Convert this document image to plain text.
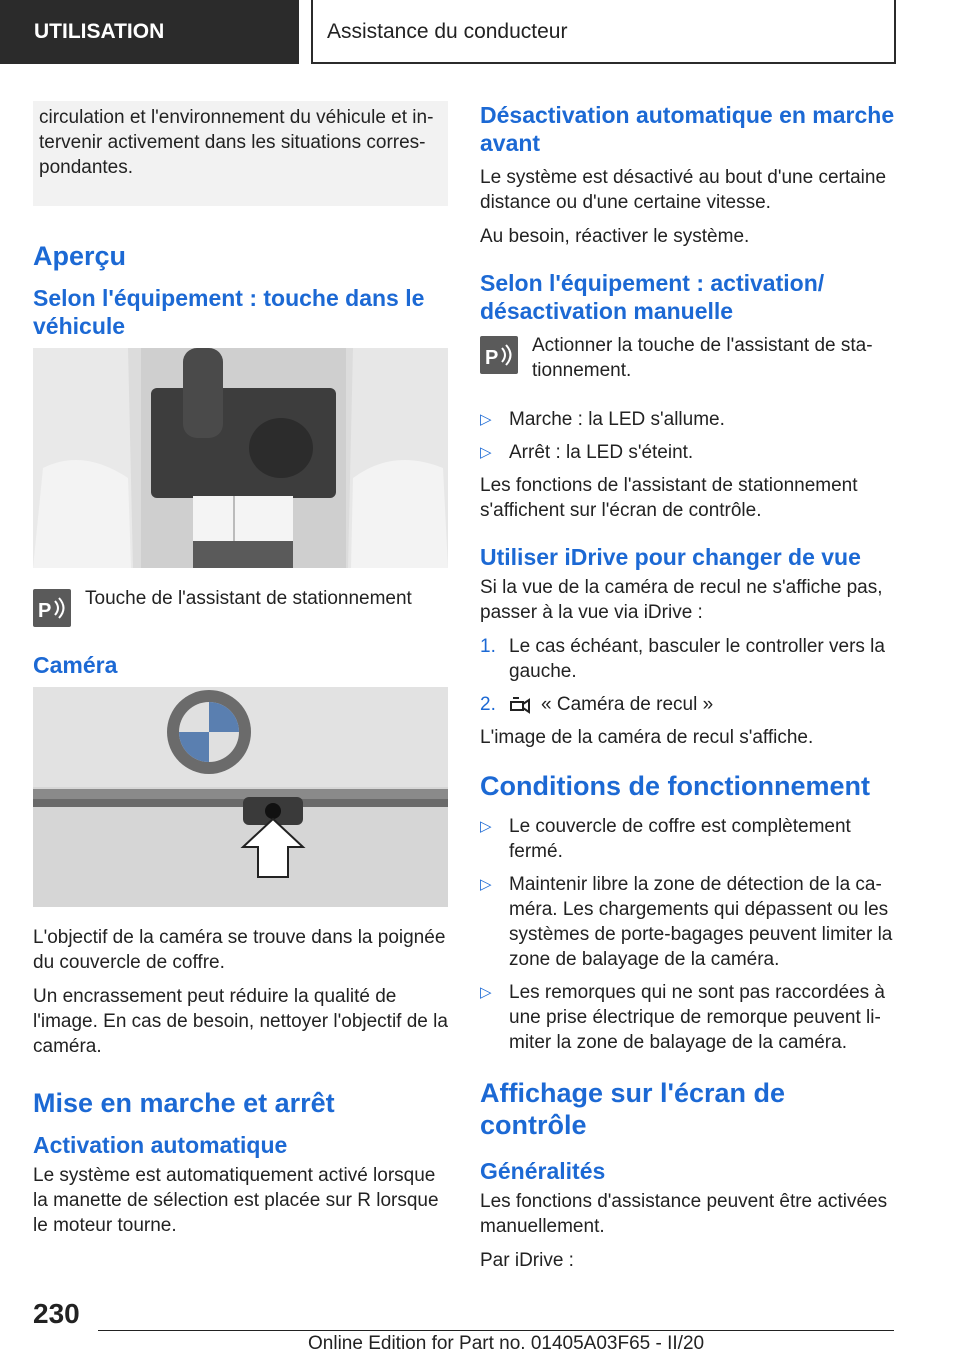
UTILISATION	Assistance du conducteur
circulation et l'environnement du véhicule et in-tervenir activement dans les situations corres-pondantes.
Aperçu
Selon l'équipement : touche dans le véhicule
P

Touche de l'assistant de stationnement

Caméra

L'objectif de la caméra se trouve dans la poignée du couvercle de coffre.

Un encrassement peut réduire la qualité de l'image. En cas de besoin, nettoyer l'objectif de la caméra.

Mise en marche et arrêt
Activation automatique

Le système est automatiquement activé lorsque la manette de sélection est placée sur R lorsque le moteur tourne.

Désactivation automatique en marche avant

Le système est désactivé au bout d'une certaine distance ou d'une certaine vitesse.

Au besoin, réactiver le système.

Selon l'équipement : activation/ désactivation manuelle
P

Actionner la touche de l'assistant de sta-tionnement.

▷ Marche : la LED s'allume.
▷ Arrêt : la LED s'éteint.

Les fonctions de l'assistant de stationnement s'affichent sur l'écran de contrôle.

Utiliser iDrive pour changer de vue

Si la vue de la caméra de recul ne s'affiche pas, passer à la vue via iDrive :

1. Le cas échéant, basculer le controller vers la gauche.
2. « Caméra de recul »

L'image de la caméra de recul s'affiche.

Conditions de fonctionnement
▷ Le couvercle de coffre est complètement fermé.
▷ Maintenir libre la zone de détection de la ca-méra. Les chargements qui dépassent ou les systèmes de porte-bagages peuvent limiter la zone de balayage de la caméra.
▷ Les remorques qui ne sont pas raccordées à une prise électrique de remorque peuvent li-miter la zone de balayage de la caméra.
Affichage sur l'écran de contrôle
Généralités

Les fonctions d'assistance peuvent être activées manuellement.

Par iDrive :

230
Online Edition for Part no. 01405A03F65 - II/20
